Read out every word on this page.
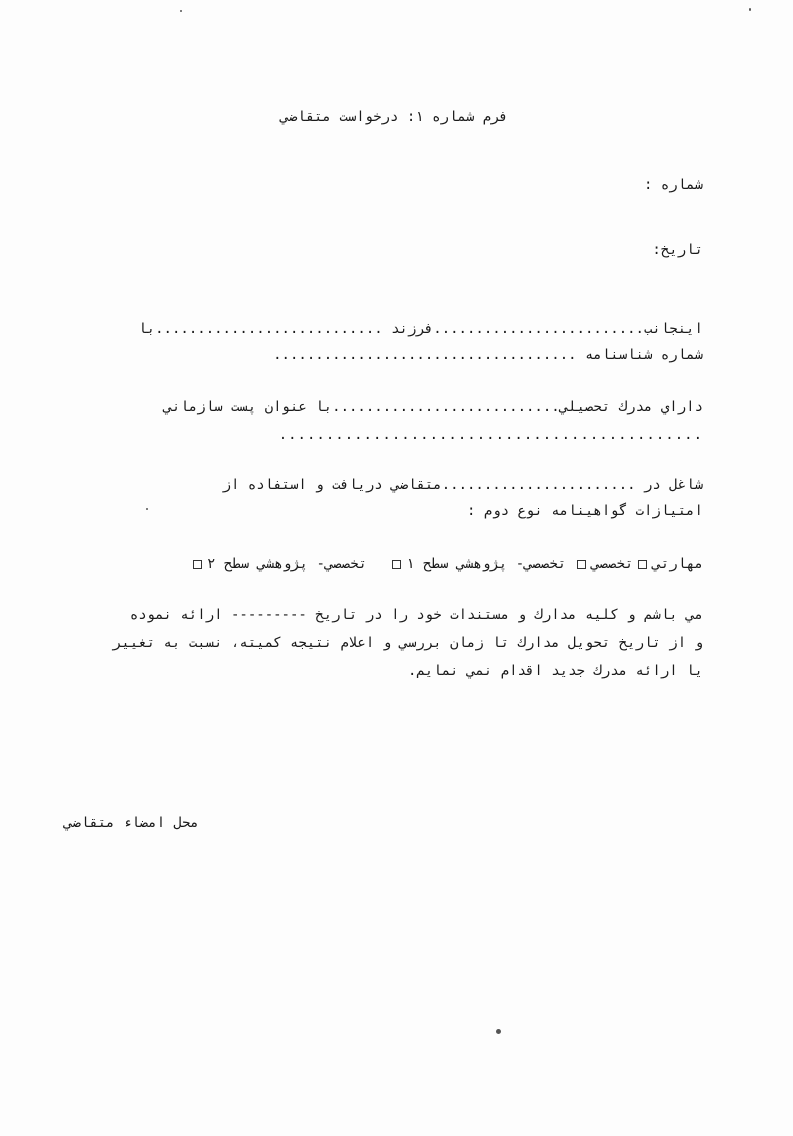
فرم شماره ۱: درخواست متقاضي
شماره :
تاريخ:
اينجانب.........................فرزند ...........................با
شماره شناسنامه ....................................
داراي مدرك تحصيلي...........................با عنوان پست سازماني
.............................................
شاغل در .......................متقاضي دريافت و استفاده از
امتيازات گواهينامه نوع دوم :
مهارتي
تخصصي
تخصصي- پژوهشي سطح ۱
تخصصي- پژوهشي سطح ۲
مي باشم و كليه مدارك و مستندات خود را در تاريخ --------- ارائه نموده
و از تاريخ تحويل مدارك تا زمان بررسي و اعلام نتيجه كميته، نسبت به تغيير
يا ارائه مدرك جديد اقدام نمي نمايم.
محل امضاء متقاضي
